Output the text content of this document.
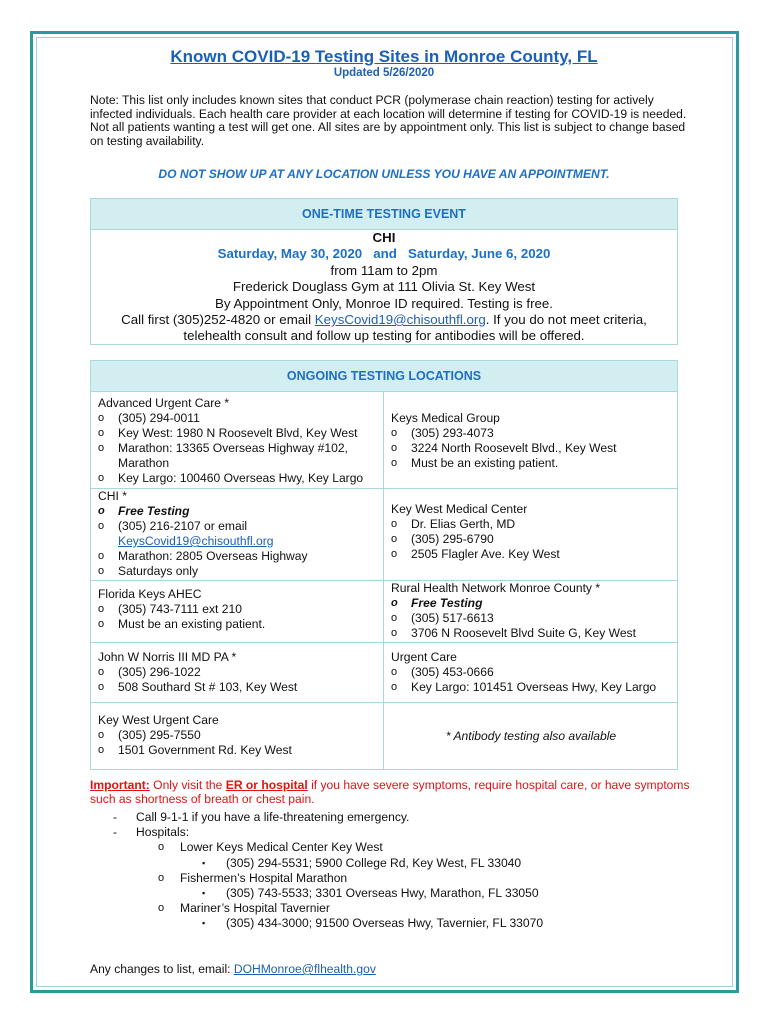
Known COVID-19 Testing Sites in Monroe County, FL
Updated 5/26/2020
Note: This list only includes known sites that conduct PCR (polymerase chain reaction) testing for actively infected individuals. Each health care provider at each location will determine if testing for COVID-19 is needed. Not all patients wanting a test will get one. All sites are by appointment only. This list is subject to change based on testing availability.
DO NOT SHOW UP AT ANY LOCATION UNLESS YOU HAVE AN APPOINTMENT.
ONE-TIME TESTING EVENT
CHI
Saturday, May 30, 2020   and   Saturday, June 6, 2020
from 11am to 2pm
Frederick Douglass Gym at 111 Olivia St. Key West
By Appointment Only, Monroe ID required. Testing is free.
Call first (305)252-4820 or email KeysCovid19@chisouthfl.org. If you do not meet criteria,
telehealth consult and follow up testing for antibodies will be offered.
ONGOING TESTING LOCATIONS
Advanced Urgent Care *
o (305) 294-0011
o Key West: 1980 N Roosevelt Blvd, Key West
o Marathon: 13365 Overseas Highway #102,
Marathon
o Key Largo: 100460 Overseas Hwy, Key Largo
Keys Medical Group
o (305) 293-4073
o 3224 North Roosevelt Blvd., Key West
o Must be an existing patient.
CHI *
o Free Testing
o (305) 216-2107 or email
KeysCovid19@chisouthfl.org
o Marathon: 2805 Overseas Highway
o Saturdays only
Key West Medical Center
o Dr. Elias Gerth, MD
o (305) 295-6790
o 2505 Flagler Ave. Key West
Florida Keys AHEC
o (305) 743-7111 ext 210
o Must be an existing patient.
Rural Health Network Monroe County *
o Free Testing
o (305) 517-6613
o 3706 N Roosevelt Blvd Suite G, Key West
John W Norris III MD PA *
o (305) 296-1022
o 508 Southard St # 103, Key West
Urgent Care
o (305) 453-0666
o Key Largo: 101451 Overseas Hwy, Key Largo
Key West Urgent Care
o (305) 295-7550
o 1501 Government Rd. Key West
* Antibody testing also available
Important: Only visit the ER or hospital if you have severe symptoms, require hospital care, or have symptoms such as shortness of breath or chest pain.
- Call 9-1-1 if you have a life-threatening emergency.
- Hospitals:
o Lower Keys Medical Center Key West
▪ (305) 294-5531; 5900 College Rd, Key West, FL 33040
o Fishermen’s Hospital Marathon
▪ (305) 743-5533; 3301 Overseas Hwy, Marathon, FL 33050
o Mariner’s Hospital Tavernier
▪ (305) 434-3000; 91500 Overseas Hwy, Tavernier, FL 33070
Any changes to list, email: DOHMonroe@flhealth.gov
